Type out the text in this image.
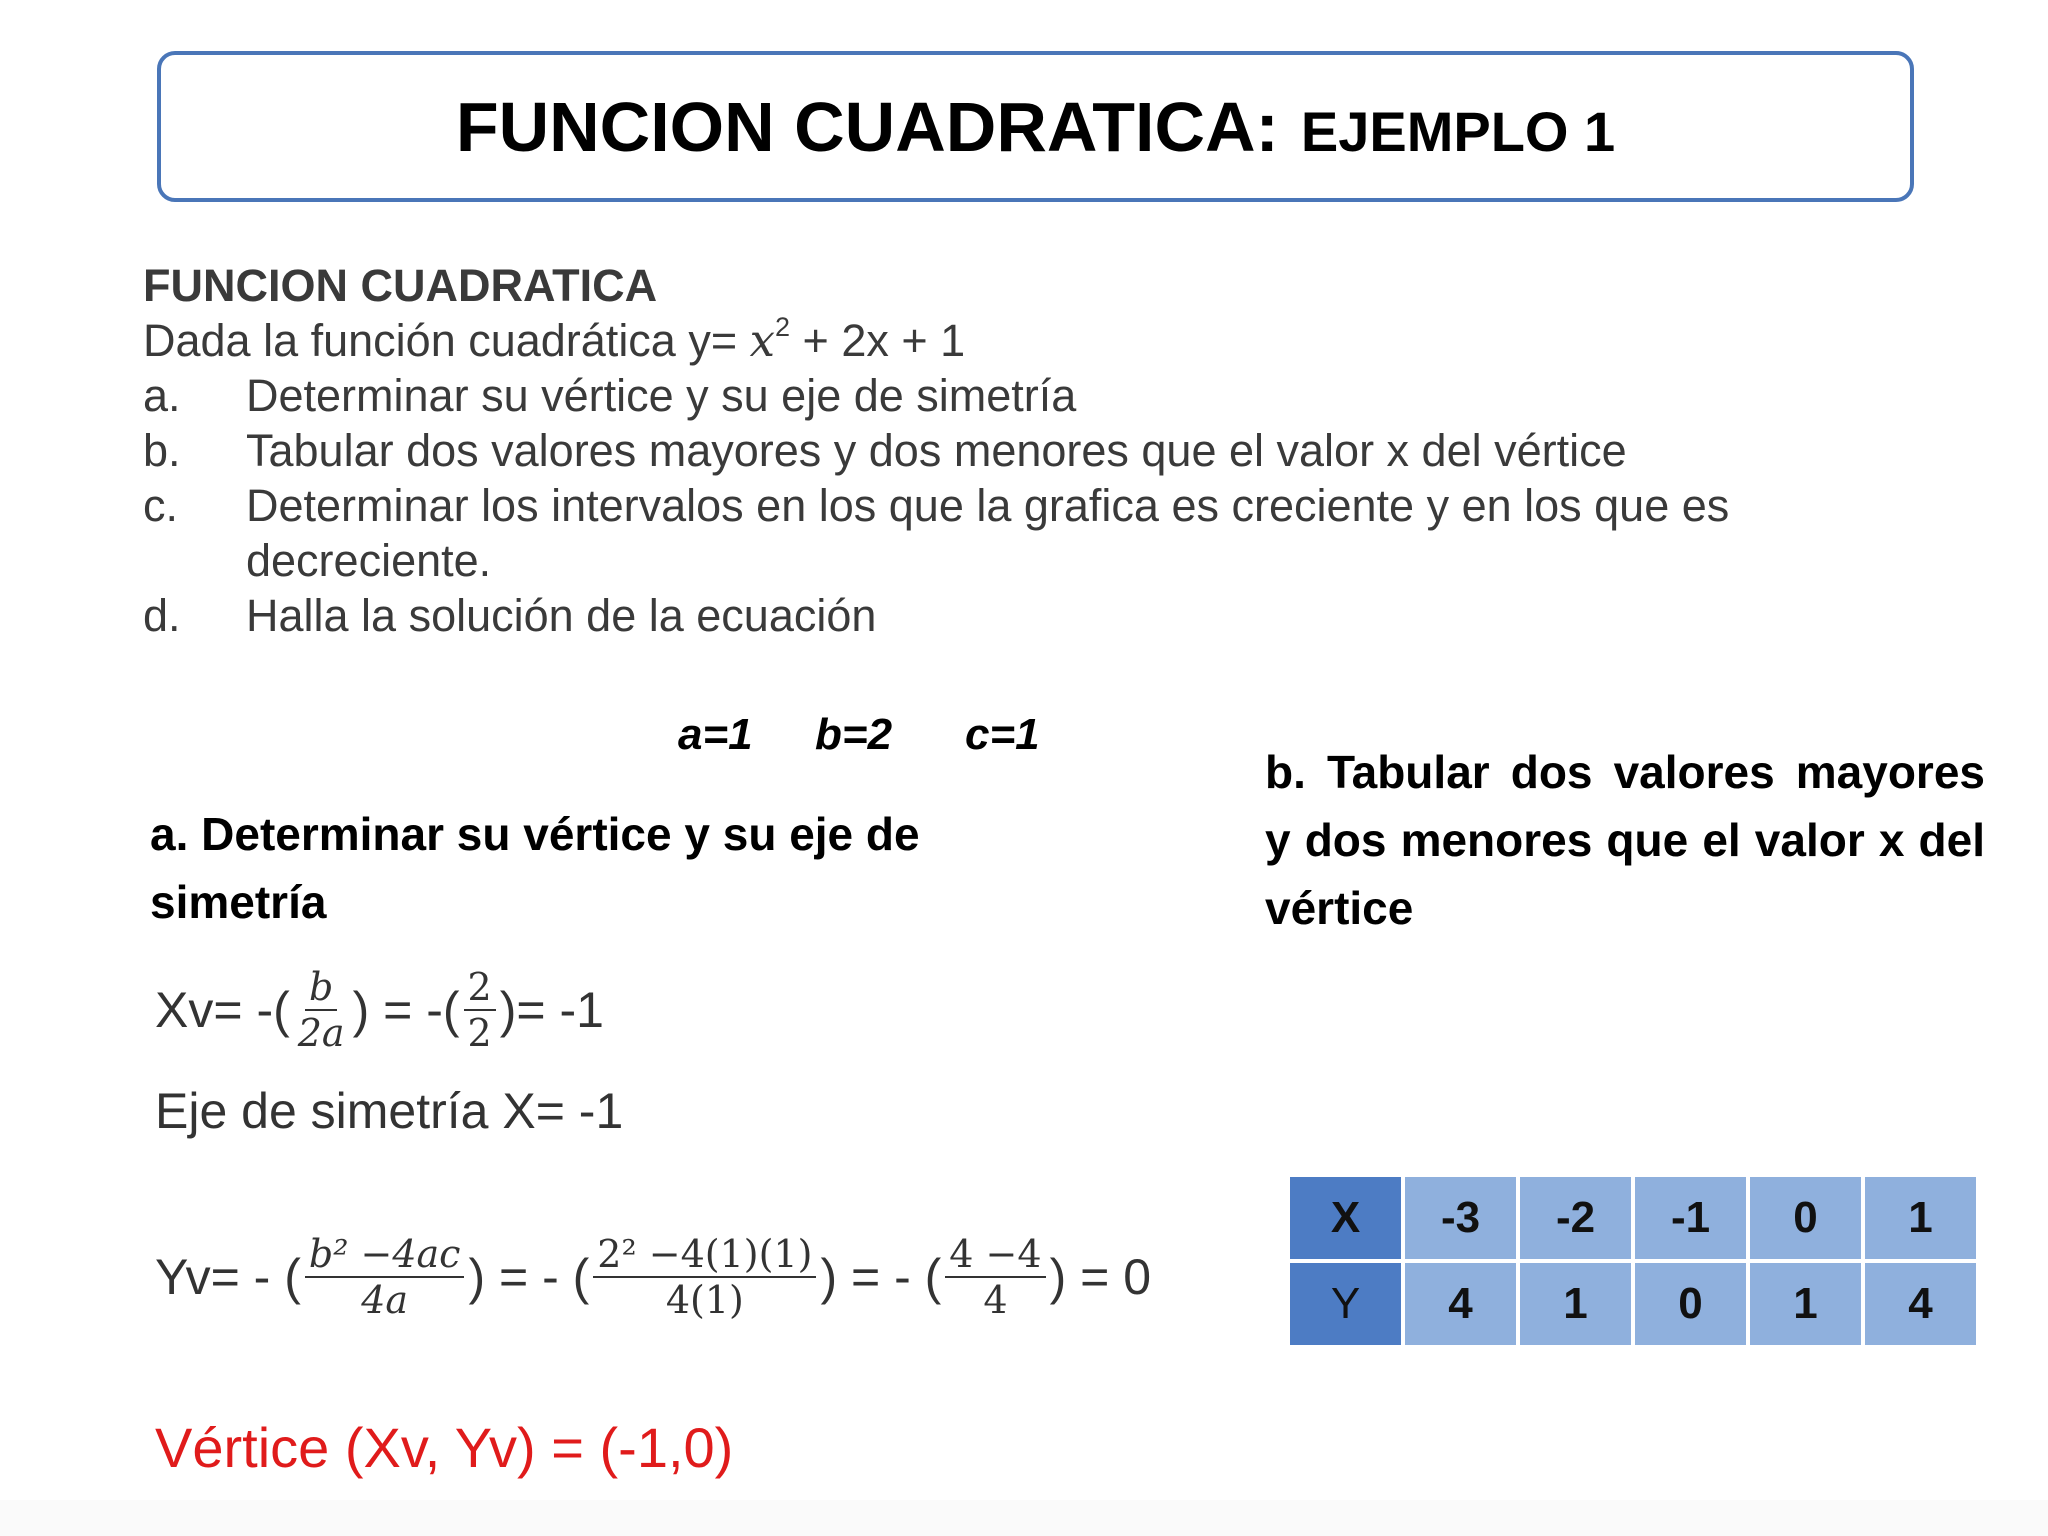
FUNCION CUADRATICA: EJEMPLO 1
FUNCION CUADRATICA
Dada la función cuadrática $y= x^2 + 2x + 1$
a.	Determinar su vértice y su eje de simetría
b.	Tabular dos valores mayores y dos menores que el valor x del vértice
c.	Determinar los intervalos en los que la grafica es creciente y en los que es decreciente.
d.	Halla la solución de la ecuación
a=1 b=2 c=1
a. Determinar su vértice y su eje de simetría
b. Tabular dos valores mayores y dos menores que el valor x del vértice
Xv= -( $\frac{b}{2a}$ ) = -( $\frac{2}{2}$ )= -1
Eje de simetría X= -1
Yv= - ( $\frac{\text{b² −4ac}}{4a}$ ) = - ( $\frac{\text{2² −4(1)(1)}}{4(1)}$ ) = - ( $\frac{4 -4}{4}$ ) = 0
Vértice (Xv, Yv) = (-1,0)
X	-3	-2	-1	0	1
Y	4	1	0	1	4
